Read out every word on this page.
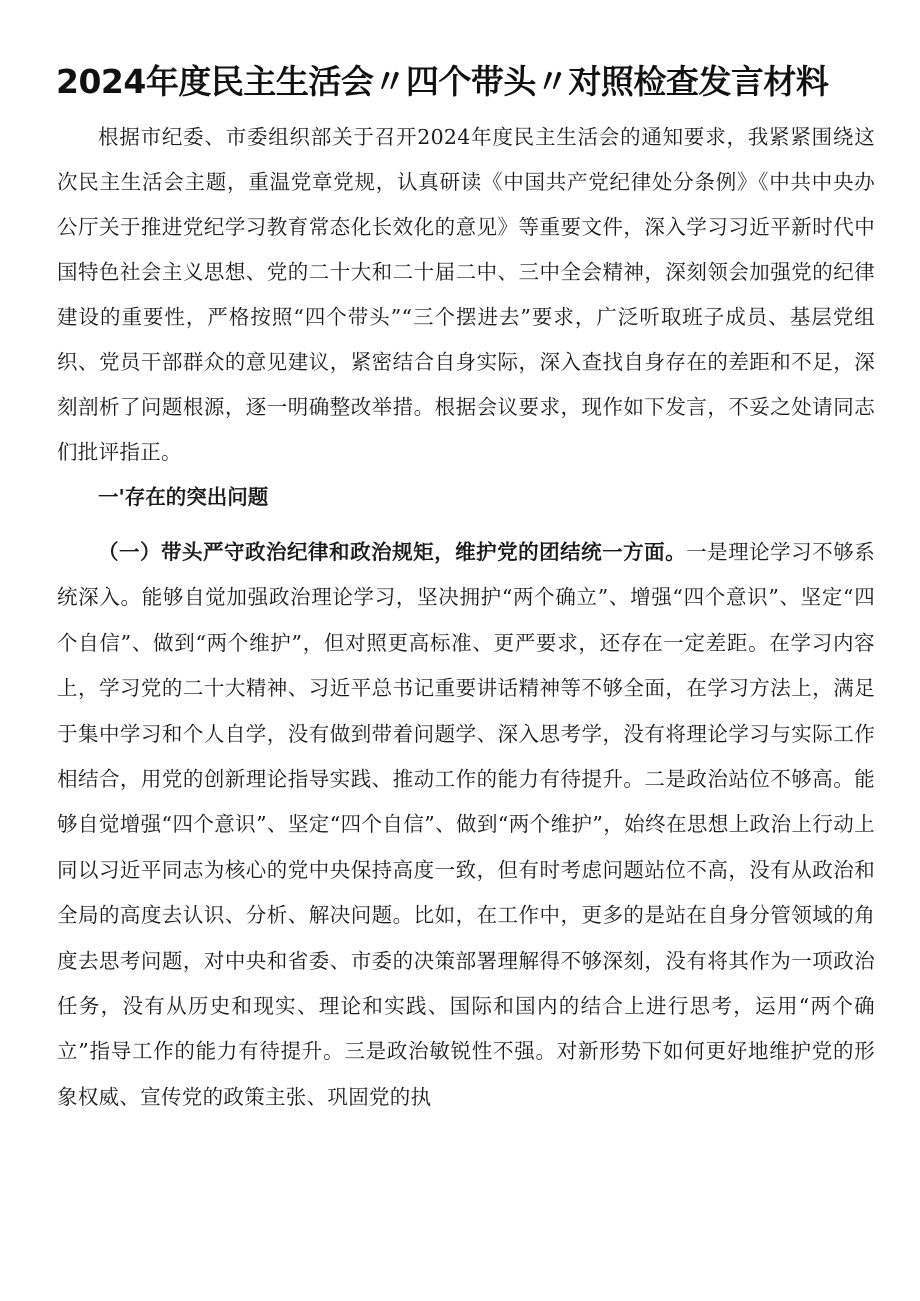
2024年度民主生活会〃四个带头〃对照检查发言材料

根据市纪委、市委组织部关于召开2024年度民主生活会的通知要求，我紧紧围绕这次民主生活会主题，重温党章党规，认真研读《中国共产党纪律处分条例》《中共中央办公厅关于推进党纪学习教育常态化长效化的意见》等重要文件，深入学习习近平新时代中国特色社会主义思想、党的二十大和二十届二中、三中全会精神，深刻领会加强党的纪律建设的重要性，严格按照“四个带头”“三个摆进去”要求，广泛听取班子成员、基层党组织、党员干部群众的意见建议，紧密结合自身实际，深入查找自身存在的差距和不足，深刻剖析了问题根源，逐一明确整改举措。根据会议要求，现作如下发言，不妥之处请同志们批评指正。

一'存在的突出问题

（一）带头严守政治纪律和政治规矩，维护党的团结统一方面。一是理论学习不够系统深入。能够自觉加强政治理论学习，坚决拥护“两个确立”、增强“四个意识”、坚定“四个自信”、做到“两个维护”，但对照更高标准、更严要求，还存在一定差距。在学习内容上，学习党的二十大精神、习近平总书记重要讲话精神等不够全面，在学习方法上，满足于集中学习和个人自学，没有做到带着问题学、深入思考学，没有将理论学习与实际工作相结合，用党的创新理论指导实践、推动工作的能力有待提升。二是政治站位不够高。能够自觉增强“四个意识”、坚定“四个自信”、做到“两个维护”，始终在思想上政治上行动上同以习近平同志为核心的党中央保持高度一致，但有时考虑问题站位不高，没有从政治和全局的高度去认识、分析、解决问题。比如，在工作中，更多的是站在自身分管领域的角度去思考问题，对中央和省委、市委的决策部署理解得不够深刻，没有将其作为一项政治任务，没有从历史和现实、理论和实践、国际和国内的结合上进行思考，运用“两个确立”指导工作的能力有待提升。三是政治敏锐性不强。对新形势下如何更好地维护党的形象权威、宣传党的政策主张、巩固党的执
